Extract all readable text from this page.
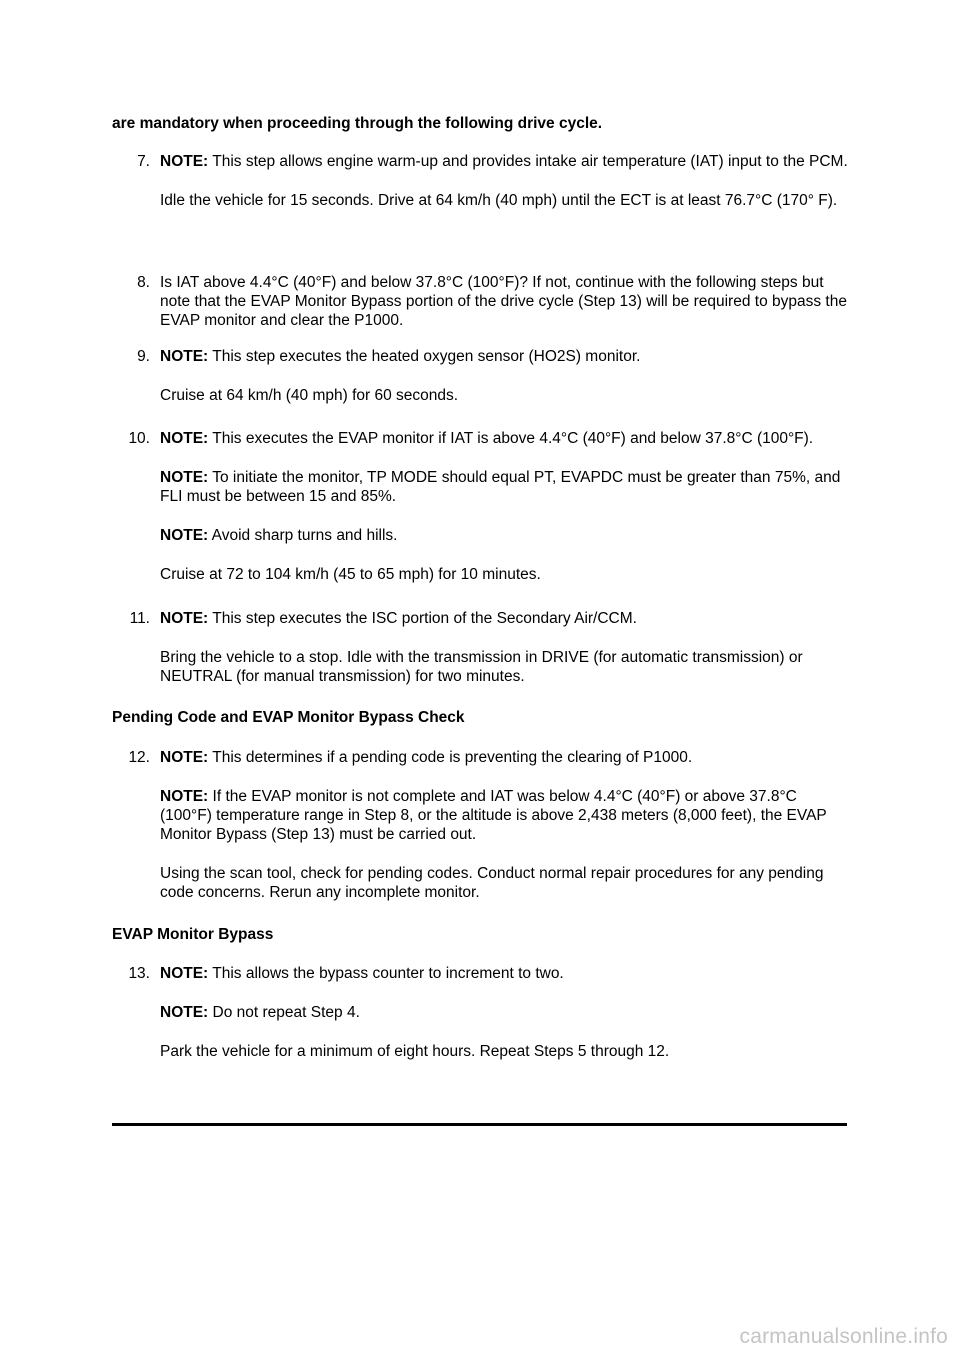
are mandatory when proceeding through the following drive cycle.
7. NOTE: This step allows engine warm-up and provides intake air temperature (IAT) input to the PCM.

Idle the vehicle for 15 seconds. Drive at 64 km/h (40 mph) until the ECT is at least 76.7°C (170° F).

8. Is IAT above 4.4°C (40°F) and below 37.8°C (100°F)? If not, continue with the following steps but note that the EVAP Monitor Bypass portion of the drive cycle (Step 13) will be required to bypass the EVAP monitor and clear the P1000.

9. NOTE: This step executes the heated oxygen sensor (HO2S) monitor.

Cruise at 64 km/h (40 mph) for 60 seconds.

10. NOTE: This executes the EVAP monitor if IAT is above 4.4°C (40°F) and below 37.8°C (100°F).

NOTE: To initiate the monitor, TP MODE should equal PT, EVAPDC must be greater than 75%, and FLI must be between 15 and 85%.

NOTE: Avoid sharp turns and hills.

Cruise at 72 to 104 km/h (45 to 65 mph) for 10 minutes.

11. NOTE: This step executes the ISC portion of the Secondary Air/CCM.

Bring the vehicle to a stop. Idle with the transmission in DRIVE (for automatic transmission) or NEUTRAL (for manual transmission) for two minutes.

Pending Code and EVAP Monitor Bypass Check
12. NOTE: This determines if a pending code is preventing the clearing of P1000.

NOTE: If the EVAP monitor is not complete and IAT was below 4.4°C (40°F) or above 37.8°C (100°F) temperature range in Step 8, or the altitude is above 2,438 meters (8,000 feet), the EVAP Monitor Bypass (Step 13) must be carried out.

Using the scan tool, check for pending codes. Conduct normal repair procedures for any pending code concerns. Rerun any incomplete monitor.

EVAP Monitor Bypass
13. NOTE: This allows the bypass counter to increment to two.

NOTE: Do not repeat Step 4.

Park the vehicle for a minimum of eight hours. Repeat Steps 5 through 12.

carmanualsonline.info
